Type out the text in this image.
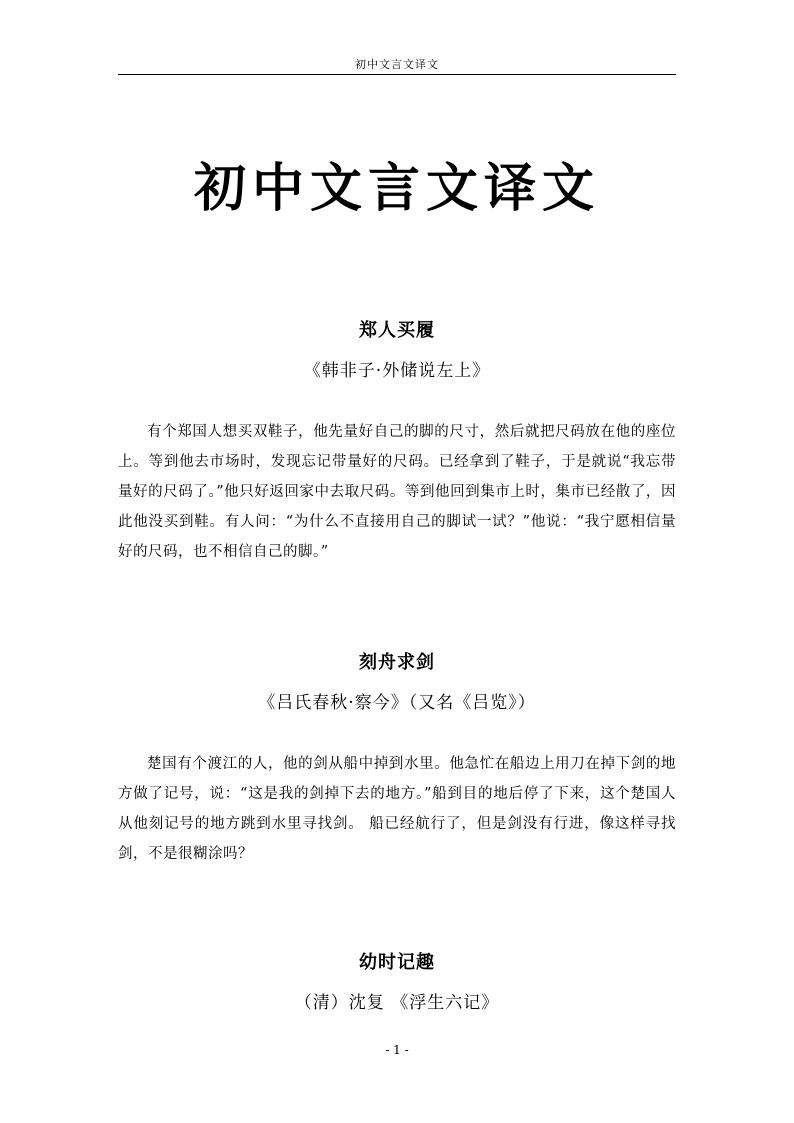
初中文言文译文
初中文言文译文
郑人买履
《韩非子·外储说左上》
有个郑国人想买双鞋子，他先量好自己的脚的尺寸，然后就把尺码放在他的座位上。等到他去市场时，发现忘记带量好的尺码。已经拿到了鞋子，于是就说“我忘带量好的尺码了。”他只好返回家中去取尺码。等到他回到集市上时，集市已经散了，因此他没买到鞋。有人问：“为什么不直接用自己的脚试一试？”他说：“我宁愿相信量好的尺码，也不相信自己的脚。”
刻舟求剑
《吕氏春秋·察今》（又名《吕览》）
楚国有个渡江的人，他的剑从船中掉到水里。他急忙在船边上用刀在掉下剑的地方做了记号，说：“这是我的剑掉下去的地方。”船到目的地后停了下来，这个楚国人从他刻记号的地方跳到水里寻找剑。 船已经航行了，但是剑没有行进，像这样寻找剑，不是很糊涂吗？
幼时记趣
（清）沈复 《浮生六记》
- 1 -
